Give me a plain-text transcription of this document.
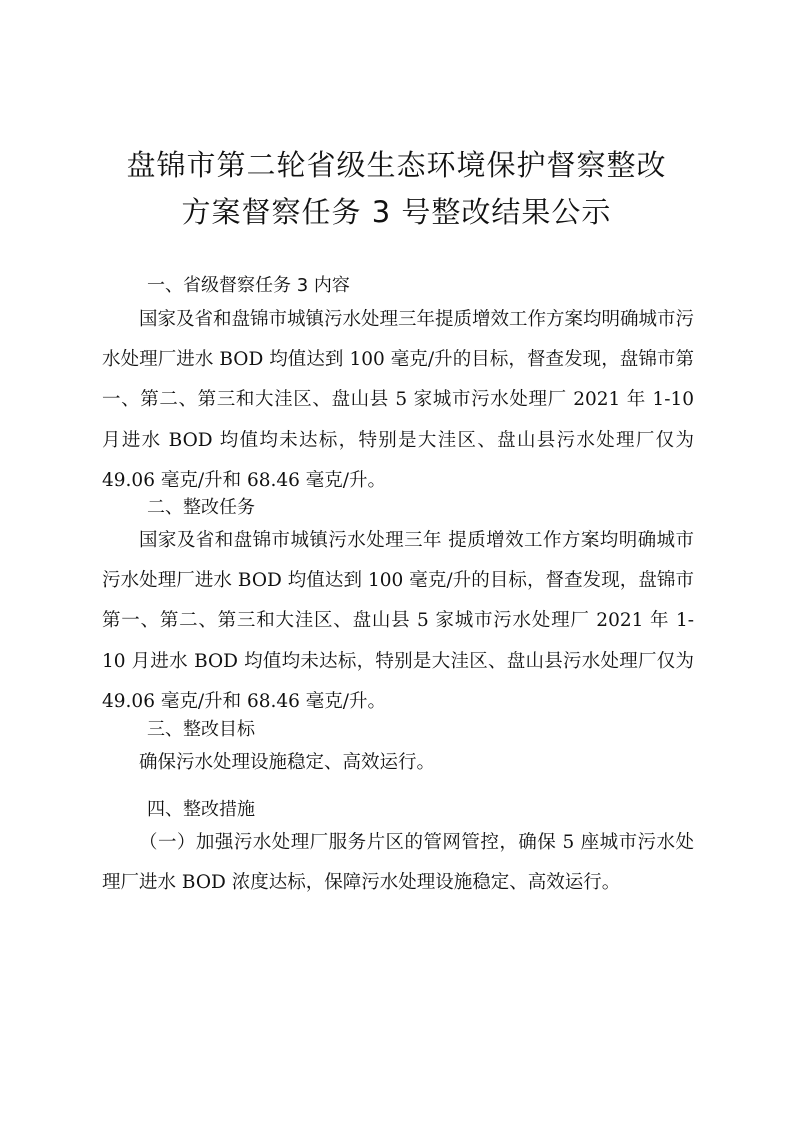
盘锦市第二轮省级生态环境保护督察整改
方案督察任务 3 号整改结果公示
一、省级督察任务 3 内容

国家及省和盘锦市城镇污水处理三年提质增效工作方案均明确城市污水处理厂进水 BOD 均值达到 100 毫克/升的目标，督查发现，盘锦市第一、第二、第三和大洼区、盘山县 5 家城市污水处理厂 2021 年 1-10 月进水 BOD 均值均未达标，特别是大洼区、盘山县污水处理厂仅为 49.06 毫克/升和 68.46 毫克/升。

二、整改任务

国家及省和盘锦市城镇污水处理三年 提质增效工作方案均明确城市污水处理厂进水 BOD 均值达到 100 毫克/升的目标，督查发现，盘锦市第一、第二、第三和大洼区、盘山县 5 家城市污水处理厂 2021 年 1-10 月进水 BOD 均值均未达标，特别是大洼区、盘山县污水处理厂仅为 49.06 毫克/升和 68.46 毫克/升。

三、整改目标

确保污水处理设施稳定、高效运行。

四、整改措施

（一）加强污水处理厂服务片区的管网管控，确保 5 座城市污水处理厂进水 BOD 浓度达标，保障污水处理设施稳定、高效运行。
